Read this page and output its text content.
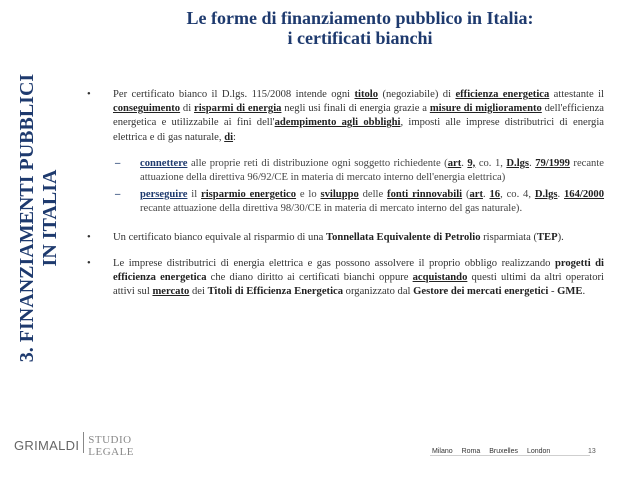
3. FINANZIAMENTI PUBBLICI IN ITALIA
Le forme di finanziamento pubblico in Italia:
i certificati bianchi
• Per certificato bianco il D.lgs. 115/2008 intende ogni titolo (negoziabile) di efficienza energetica attestante il conseguimento di risparmi di energia negli usi finali di energia grazie a misure di miglioramento dell'efficienza energetica e utilizzabile ai fini dell'adempimento agli obblighi, imposti alle imprese distributrici di energia elettrica e di gas naturale, di:
– connettere alle proprie reti di distribuzione ogni soggetto richiedente (art. 9, co. 1, D.lgs. 79/1999 recante attuazione della direttiva 96/92/CE in materia di mercato interno dell'energia elettrica)
– perseguire il risparmio energetico e lo sviluppo delle fonti rinnovabili (art. 16, co. 4, D.lgs. 164/2000 recante attuazione della direttiva 98/30/CE in materia di mercato interno del gas naturale).
• Un certificato bianco equivale al risparmio di una Tonnellata Equivalente di Petrolio risparmiata (TEP).
• Le imprese distributrici di energia elettrica e gas possono assolvere il proprio obbligo realizzando progetti di efficienza energetica che diano diritto ai certificati bianchi oppure acquistando questi ultimi da altri operatori attivi sul mercato dei Titoli di Efficienza Energetica organizzato dal Gestore dei mercati energetici - GME.
GRIMALDI STUDIO
LEGALE	Milano Roma Bruxelles London	13
